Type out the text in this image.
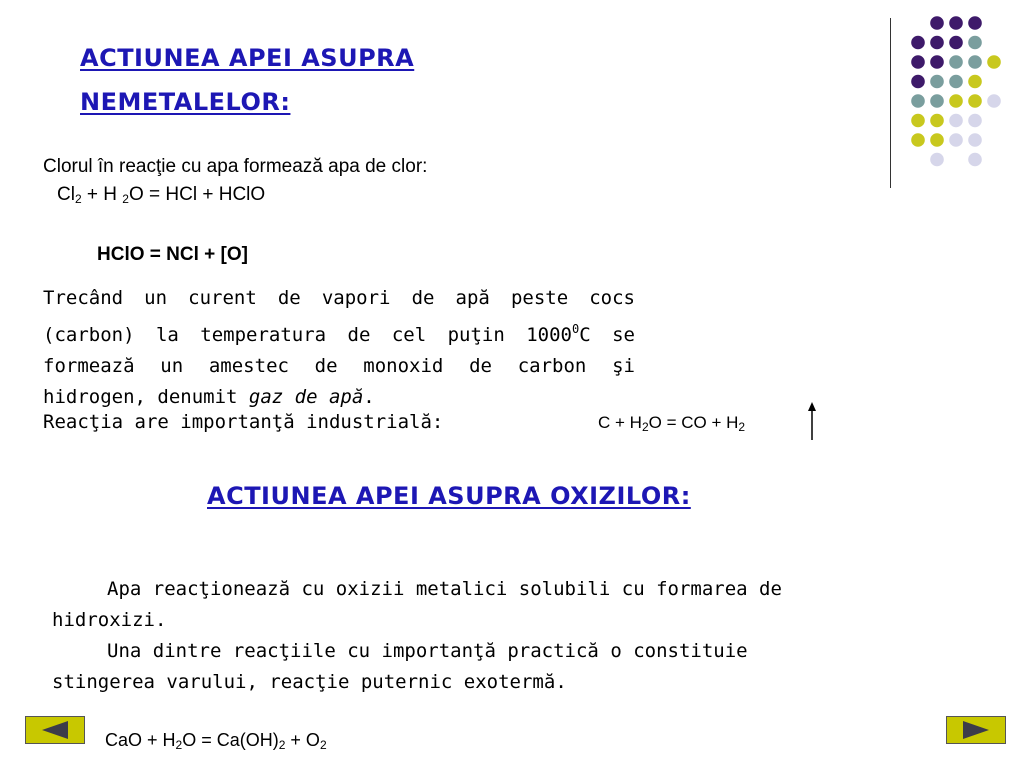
ACTIUNEA APEI ASUPRA
NEMETALELOR:
Clorul în reacţie cu apa formează apa de clor:
$Cl_2 + H$ $_2$O = HCl + HClO
HClO = NCl + [O]
Trecând un curent de vapori de apă peste cocs (carbon) la temperatura de cel puţin 1000$^0$C se formează un amestec de monoxid de carbon şi hidrogen, denumit gaz de apă.
Reacţia are importanţă industrială:	$C + H_2O$ = CO + $H_2$
ACTIUNEA APEI ASUPRA OXIZILOR:
Apa reacţionează cu oxizii metalici solubili cu formarea de hidroxizi.
Una dintre reacţiile cu importanţă practică o constituie stingerea varului, reacţie puternic exotermă.
CaO + $H_2O = Ca(OH)_2 + O_2$
